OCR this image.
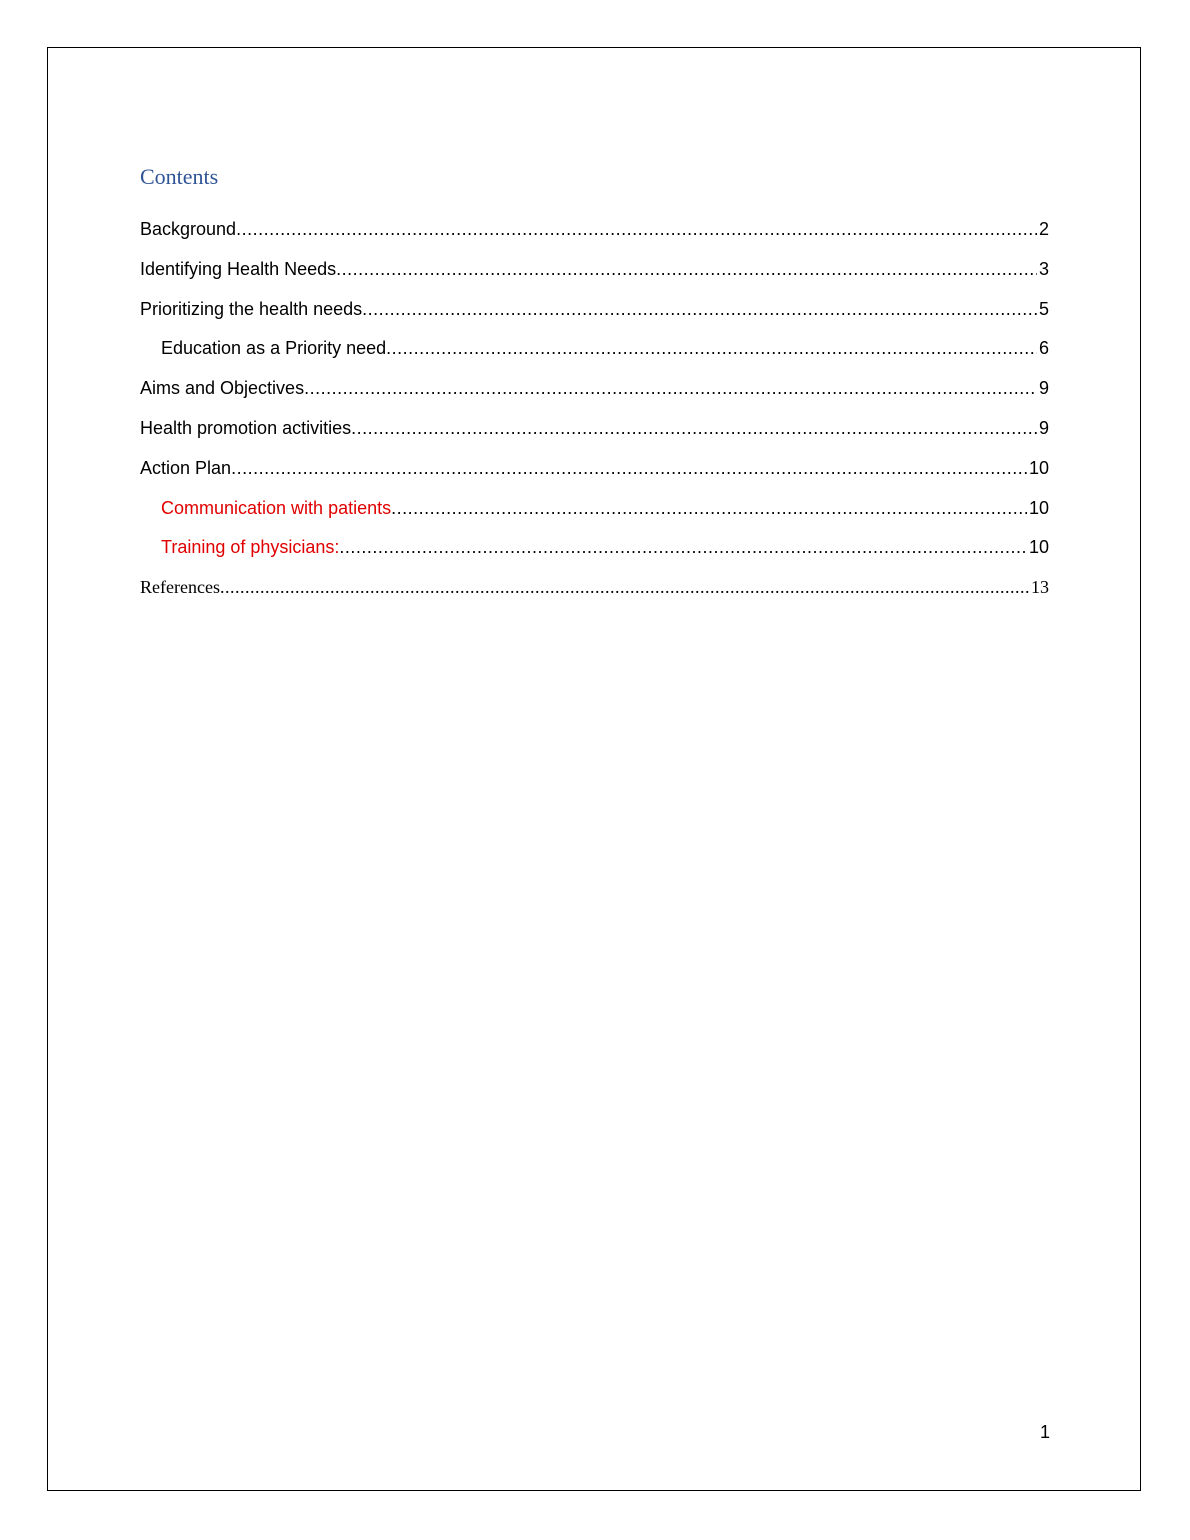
Contents
Background .....	2
Identifying Health Needs .....	3
Prioritizing the health needs .....	5
Education as a Priority need .....	6
Aims and Objectives .....	9
Health promotion activities .....	9
Action Plan .....	10
Communication with patients .....	10
Training of physicians: .....	10
References .....	13
1
